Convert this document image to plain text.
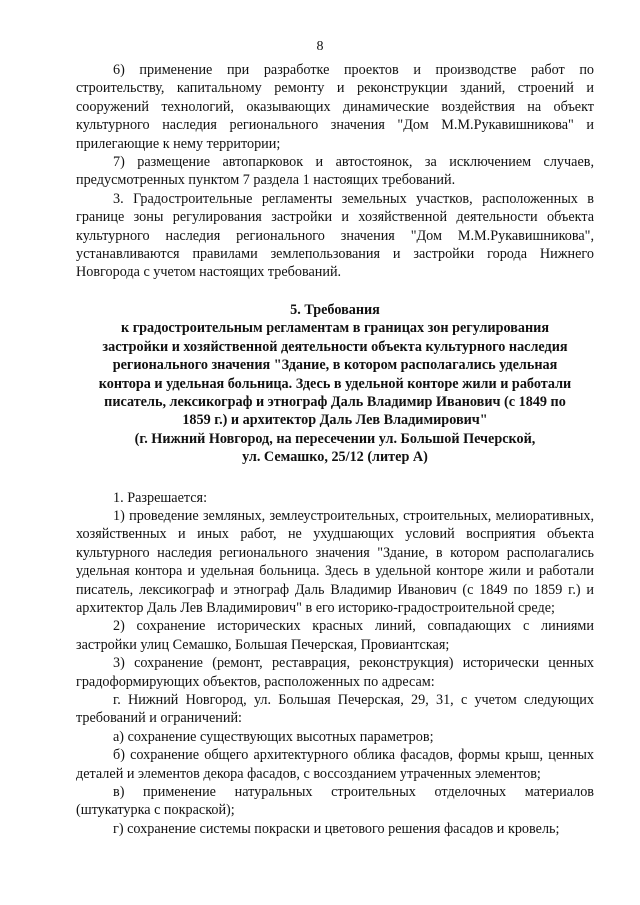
8

6) применение при разработке проектов и производстве работ по строительству, капитальному ремонту и реконструкции зданий, строений и сооружений технологий, оказывающих динамические воздействия на объект культурного наследия регионального значения "Дом М.М.Рукавишникова" и прилегающие к нему территории;

7) размещение автопарковок и автостоянок, за исключением случаев, предусмотренных пунктом 7 раздела 1 настоящих требований.

3. Градостроительные регламенты земельных участков, расположенных в границе зоны регулирования застройки и хозяйственной деятельности объекта культурного наследия регионального значения "Дом М.М.Рукавишникова", устанавливаются правилами землепользования и застройки города Нижнего Новгорода с учетом настоящих требований.

5. Требования
к градостроительным регламентам в границах зон регулирования
застройки и хозяйственной деятельности объекта культурного наследия
регионального значения "Здание, в котором располагались удельная
контора и удельная больница. Здесь в удельной конторе жили и работали
писатель, лексикограф и этнограф Даль Владимир Иванович (с 1849 по
1859 г.) и архитектор Даль Лев Владимирович"
(г. Нижний Новгород, на пересечении ул. Большой Печерской,
ул. Семашко, 25/12 (литер А)

1. Разрешается:

1) проведение земляных, землеустроительных, строительных, мелиоративных, хозяйственных и иных работ, не ухудшающих условий восприятия объекта культурного наследия регионального значения "Здание, в котором располагались удельная контора и удельная больница. Здесь в удельной конторе жили и работали писатель, лексикограф и этнограф Даль Владимир Иванович (с 1849 по 1859 г.) и архитектор Даль Лев Владимирович" в его историко-градостроительной среде;

2) сохранение исторических красных линий, совпадающих с линиями застройки улиц Семашко, Большая Печерская, Провиантская;

3) сохранение (ремонт, реставрация, реконструкция) исторически ценных градоформирующих объектов, расположенных по адресам:

г. Нижний Новгород, ул. Большая Печерская, 29, 31, с учетом следующих требований и ограничений:

а) сохранение существующих высотных параметров;

б) сохранение общего архитектурного облика фасадов, формы крыш, ценных деталей и элементов декора фасадов, с воссозданием утраченных элементов;

в) применение натуральных строительных отделочных материалов (штукатурка с покраской);

г) сохранение системы покраски и цветового решения фасадов и кровель;
